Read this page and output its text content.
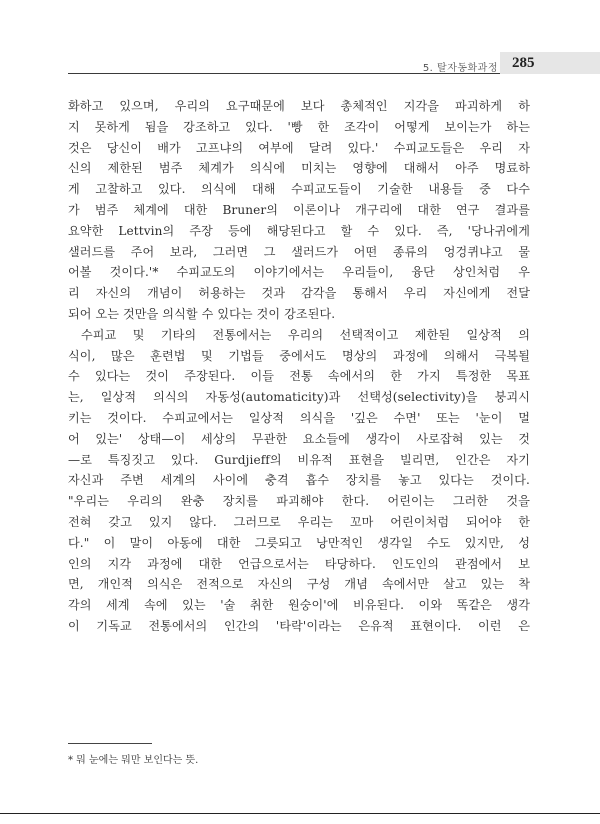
5. 탈자동화과정 285
화하고 있으며, 우리의 요구때문에 보다 총체적인 지각을 파괴하게 하
지 못하게 됨을 강조하고 있다. '빵 한 조각이 어떻게 보이는가 하는
것은 당신이 배가 고프냐의 여부에 달려 있다.' 수피교도들은 우리 자
신의 제한된 범주 체계가 의식에 미치는 영향에 대해서 아주 명료하
게 고찰하고 있다. 의식에 대해 수피교도들이 기술한 내용들 중 다수
가 범주 체계에 대한 Bruner의 이론이나 개구리에 대한 연구 결과를
요약한 Lettvin의 주장 등에 해당된다고 할 수 있다. 즉, '당나귀에게
샐러드를 주어 보라, 그러면 그 샐러드가 어떤 종류의 엉겅퀴냐고 물
어볼 것이다.'* 수피교도의 이야기에서는 우리들이, 융단 상인처럼 우
리 자신의 개념이 허용하는 것과 감각을 통해서 우리 자신에게 전달
되어 오는 것만을 의식할 수 있다는 것이 강조된다.
수피교 및 기타의 전통에서는 우리의 선택적이고 제한된 일상적 의
식이, 많은 훈련법 및 기법들 중에서도 명상의 과정에 의해서 극복될
수 있다는 것이 주장된다. 이들 전통 속에서의 한 가지 특정한 목표
는, 일상적 의식의 자동성(automaticity)과 선택성(selectivity)을 붕괴시
키는 것이다. 수피교에서는 일상적 의식을 '깊은 수면' 또는 '눈이 멀
어 있는' 상태—이 세상의 무관한 요소들에 생각이 사로잡혀 있는 것
—로 특징짓고 있다. Gurdjieff의 비유적 표현을 빌리면, 인간은 자기
자신과 주변 세계의 사이에 충격 흡수 장치를 놓고 있다는 것이다.
"우리는 우리의 완충 장치를 파괴해야 한다. 어린이는 그러한 것을
전혀 갖고 있지 않다. 그러므로 우리는 꼬마 어린이처럼 되어야 한
다." 이 말이 아동에 대한 그릇되고 낭만적인 생각일 수도 있지만, 성
인의 지각 과정에 대한 언급으로서는 타당하다. 인도인의 관점에서 보
면, 개인적 의식은 전적으로 자신의 구성 개념 속에서만 살고 있는 착
각의 세계 속에 있는 '술 취한 원숭이'에 비유된다. 이와 똑같은 생각
이 기독교 전통에서의 인간의 '타락'이라는 은유적 표현이다. 이런 은
* 뭐 눈에는 뭐만 보인다는 뜻.
